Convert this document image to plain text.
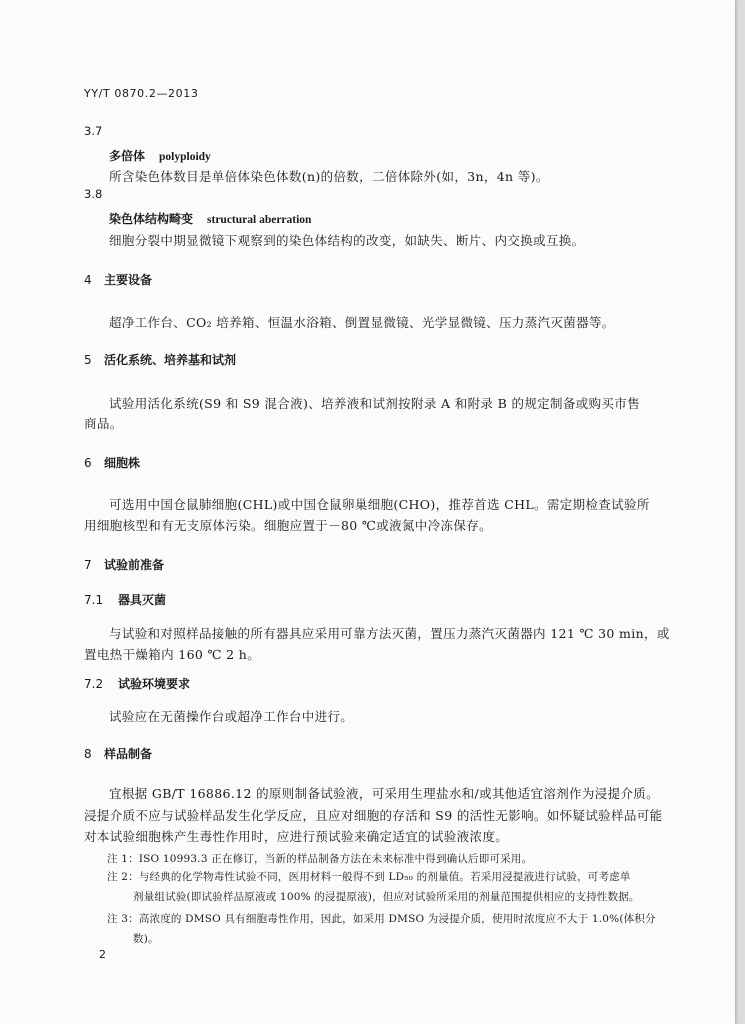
YY/T 0870.2—2013
3.7
多倍体 polyploidy
所含染色体数目是单倍体染色体数(n)的倍数，二倍体除外(如，3n，4n 等)。
3.8
染色体结构畸变 structural aberration
细胞分裂中期显微镜下观察到的染色体结构的改变，如缺失、断片、内交换或互换。
4 主要设备
超净工作台、CO₂ 培养箱、恒温水浴箱、倒置显微镜、光学显微镜、压力蒸汽灭菌器等。
5 活化系统、培养基和试剂
试验用活化系统(S9 和 S9 混合液)、培养液和试剂按附录 A 和附录 B 的规定制备或购买市售
商品。
6 细胞株
可选用中国仓鼠肺细胞(CHL)或中国仓鼠卵巢细胞(CHO)，推荐首选 CHL。需定期检查试验所
用细胞核型和有无支原体污染。细胞应置于－80 ℃或液氮中冷冻保存。
7 试验前准备
7.1 器具灭菌
与试验和对照样品接触的所有器具应采用可靠方法灭菌，置压力蒸汽灭菌器内 121 ℃ 30 min，或
置电热干燥箱内 160 ℃ 2 h。
7.2 试验环境要求
试验应在无菌操作台或超净工作台中进行。
8 样品制备
宜根据 GB/T 16886.12 的原则制备试验液，可采用生理盐水和/或其他适宜溶剂作为浸提介质。
浸提介质不应与试验样品发生化学反应，且应对细胞的存活和 S9 的活性无影响。如怀疑试验样品可能
对本试验细胞株产生毒性作用时，应进行预试验来确定适宜的试验液浓度。
注 1：ISO 10993.3 正在修订，当新的样品制备方法在未来标准中得到确认后即可采用。
注 2：与经典的化学物毒性试验不同，医用材料一般得不到 LD₅₀ 的剂量值。若采用浸提液进行试验，可考虑单
剂量组试验(即试验样品原液或 100% 的浸提原液)，但应对试验所采用的剂量范围提供相应的支持性数据。
注 3：高浓度的 DMSO 具有细胞毒性作用，因此，如采用 DMSO 为浸提介质，使用时浓度应不大于 1.0%(体积分
数)。
2
